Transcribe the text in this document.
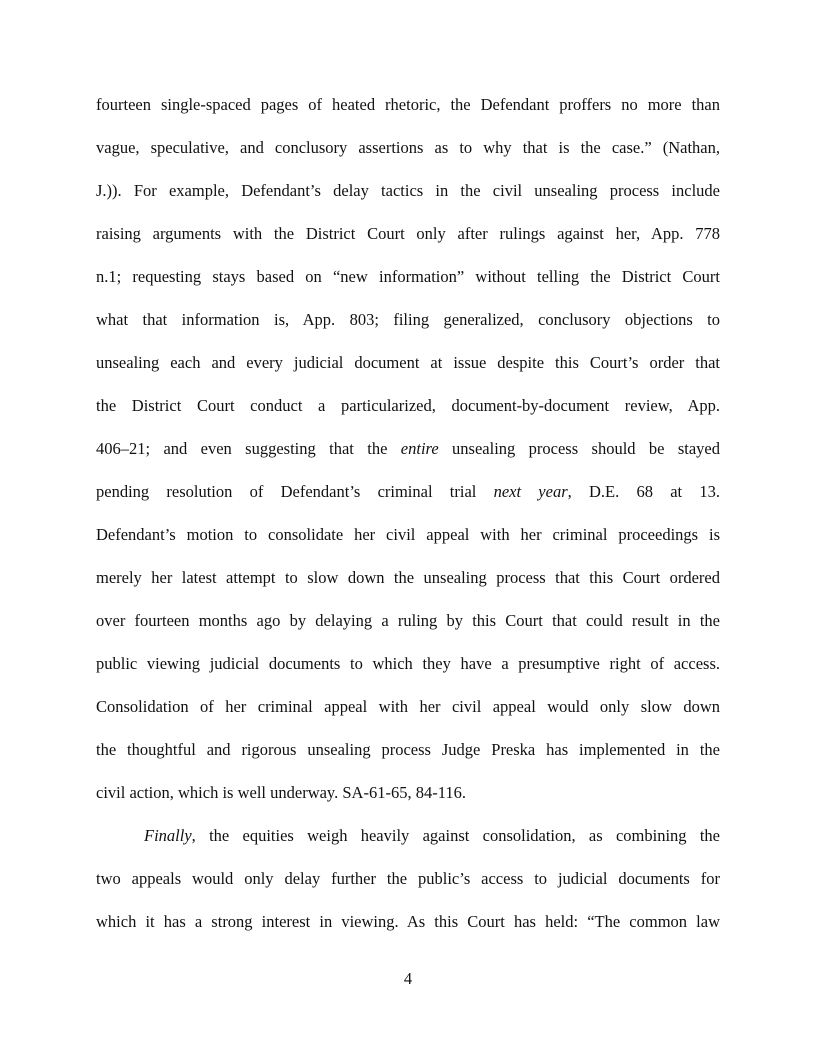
fourteen single-spaced pages of heated rhetoric, the Defendant proffers no more than
vague, speculative, and conclusory assertions as to why that is the case.” (Nathan,
J.)). For example, Defendant’s delay tactics in the civil unsealing process include
raising arguments with the District Court only after rulings against her, App. 778
n.1; requesting stays based on “new information” without telling the District Court
what that information is, App. 803; filing generalized, conclusory objections to
unsealing each and every judicial document at issue despite this Court’s order that
the District Court conduct a particularized, document-by-document review, App.
406–21; and even suggesting that the entire unsealing process should be stayed
pending resolution of Defendant’s criminal trial next year, D.E. 68 at 13.
Defendant’s motion to consolidate her civil appeal with her criminal proceedings is
merely her latest attempt to slow down the unsealing process that this Court ordered
over fourteen months ago by delaying a ruling by this Court that could result in the
public viewing judicial documents to which they have a presumptive right of access.
Consolidation of her criminal appeal with her civil appeal would only slow down
the thoughtful and rigorous unsealing process Judge Preska has implemented in the
civil action, which is well underway. SA-61-65, 84-116.
Finally, the equities weigh heavily against consolidation, as combining the
two appeals would only delay further the public’s access to judicial documents for
which it has a strong interest in viewing. As this Court has held: “The common law
4
